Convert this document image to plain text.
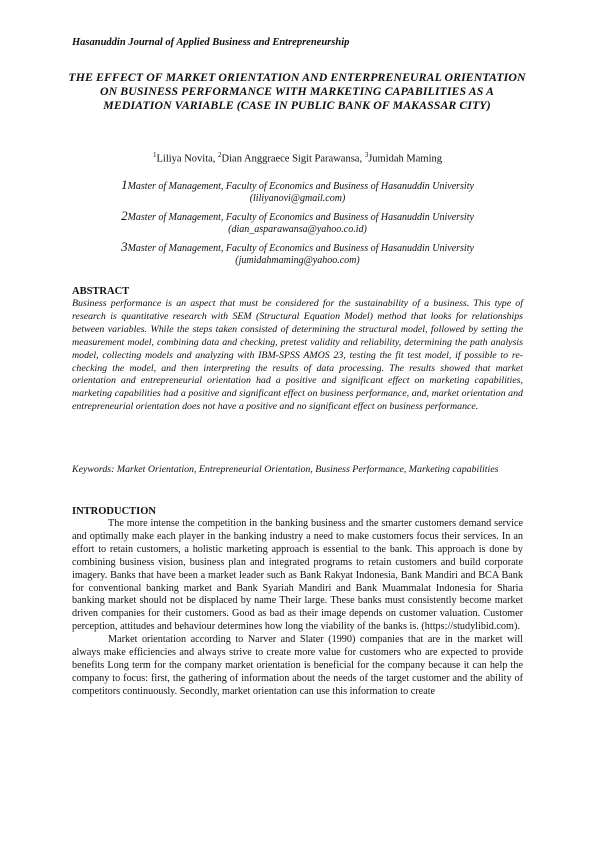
Hasanuddin Journal of Applied Business and Entrepreneurship
THE EFFECT OF MARKET ORIENTATION AND ENTERPRENEURAL ORIENTATION ON BUSINESS PERFORMANCE WITH MARKETING CAPABILITIES AS A MEDIATION VARIABLE (CASE IN PUBLIC BANK OF MAKASSAR CITY)
$^1$Liliya Novita, $^2$Dian Anggraece Sigit Parawansa, $^3$Jumidah Maming
1Master of Management, Faculty of Economics and Business of Hasanuddin University
(liliyanovi@gmail.com)
2Master of Management, Faculty of Economics and Business of Hasanuddin University
(dian_asparawansa@yahoo.co.id)
3Master of Management, Faculty of Economics and Business of Hasanuddin University
(jumidahmaming@yahoo.com)
ABSTRACT
Business performance is an aspect that must be considered for the sustainability of a business. This type of research is quantitative research with SEM (Structural Equation Model) method that looks for relationships between variables. While the steps taken consisted of determining the structural model, followed by setting the measurement model, combining data and checking, pretest validity and reliability, determining the path analysis model, collecting models and analyzing with IBM-SPSS AMOS 23, testing the fit test model, if possible to re-checking the model, and then interpreting the results of data processing. The results showed that market orientation and entrepreneurial orientation had a positive and significant effect on marketing capabilities, marketing capabilities had a positive and significant effect on business performance, and, market orientation and entrepreneurial orientation does not have a positive and no significant effect on business performance.
Keywords: Market Orientation, Entrepreneurial Orientation, Business Performance, Marketing capabilities
INTRODUCTION

The more intense the competition in the banking business and the smarter customers demand service and optimally make each player in the banking industry a need to make customers focus their services. In an effort to retain customers, a holistic marketing approach is essential to the bank. This approach is done by combining business vision, business plan and integrated programs to retain customers and build corporate imagery. Banks that have been a market leader such as Bank Rakyat Indonesia, Bank Mandiri and BCA Bank for conventional banking market and Bank Syariah Mandiri and Bank Muammalat Indonesia for Sharia banking market should not be displaced by name Their large. These banks must consistently become market driven companies for their customers. Good as bad as their image depends on customer valuation. Customer perception, attitudes and behaviour determines how long the viability of the banks is. (https://studylibid.com).

Market orientation according to Narver and Slater (1990) companies that are in the market will always make efficiencies and always strive to create more value for customers who are expected to provide benefits Long term for the company market orientation is beneficial for the company because it can help the company to focus: first, the gathering of information about the needs of the target customer and the ability of competitors continuously. Secondly, market orientation can use this information to create
